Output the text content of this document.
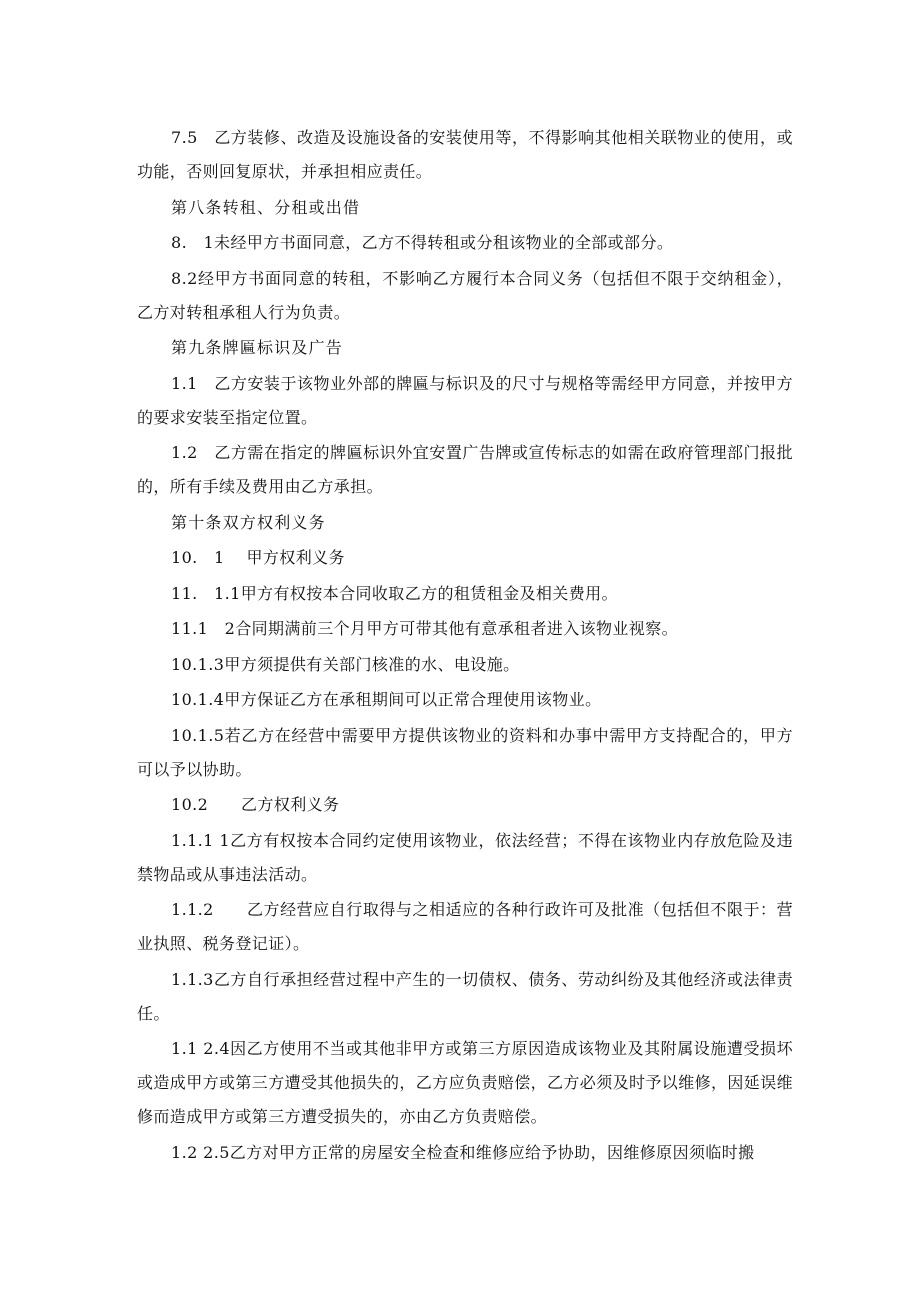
7.5　乙方装修、改造及设施设备的安装使用等，不得影响其他相关联物业的使用，或功能，否则回复原状，并承担相应责任。

第八条转租、分租或出借

8.　1未经甲方书面同意，乙方不得转租或分租该物业的全部或部分。

8.2经甲方书面同意的转租，不影响乙方履行本合同义务（包括但不限于交纳租金），乙方对转租承租人行为负责。

第九条牌匾标识及广告

1.1　乙方安装于该物业外部的牌匾与标识及的尺寸与规格等需经甲方同意，并按甲方的要求安装至指定位置。

1.2　乙方需在指定的牌匾标识外宜安置广告牌或宣传标志的如需在政府管理部门报批的，所有手续及费用由乙方承担。

第十条双方权利义务

10.　1　 甲方权利义务

11.　1.1甲方有权按本合同收取乙方的租赁租金及相关费用。

11.1　2合同期满前三个月甲方可带其他有意承租者进入该物业视察。

10.1.3甲方须提供有关部门核准的水、电设施。

10.1.4甲方保证乙方在承租期间可以正常合理使用该物业。

10.1.5若乙方在经营中需要甲方提供该物业的资料和办事中需甲方支持配合的，甲方可以予以协助。

10.2　　乙方权利义务

1.1.1 1乙方有权按本合同约定使用该物业，依法经营；不得在该物业内存放危险及违禁物品或从事违法活动。

1.1.2　　乙方经营应自行取得与之相适应的各种行政许可及批准（包括但不限于：营业执照、税务登记证）。

1.1.3乙方自行承担经营过程中产生的一切债权、债务、劳动纠纷及其他经济或法律责任。

1.1 2.4因乙方使用不当或其他非甲方或第三方原因造成该物业及其附属设施遭受损坏或造成甲方或第三方遭受其他损失的，乙方应负责赔偿，乙方必须及时予以维修，因延误维修而造成甲方或第三方遭受损失的，亦由乙方负责赔偿。

1.2 2.5乙方对甲方正常的房屋安全检查和维修应给予协助，因维修原因须临时搬
